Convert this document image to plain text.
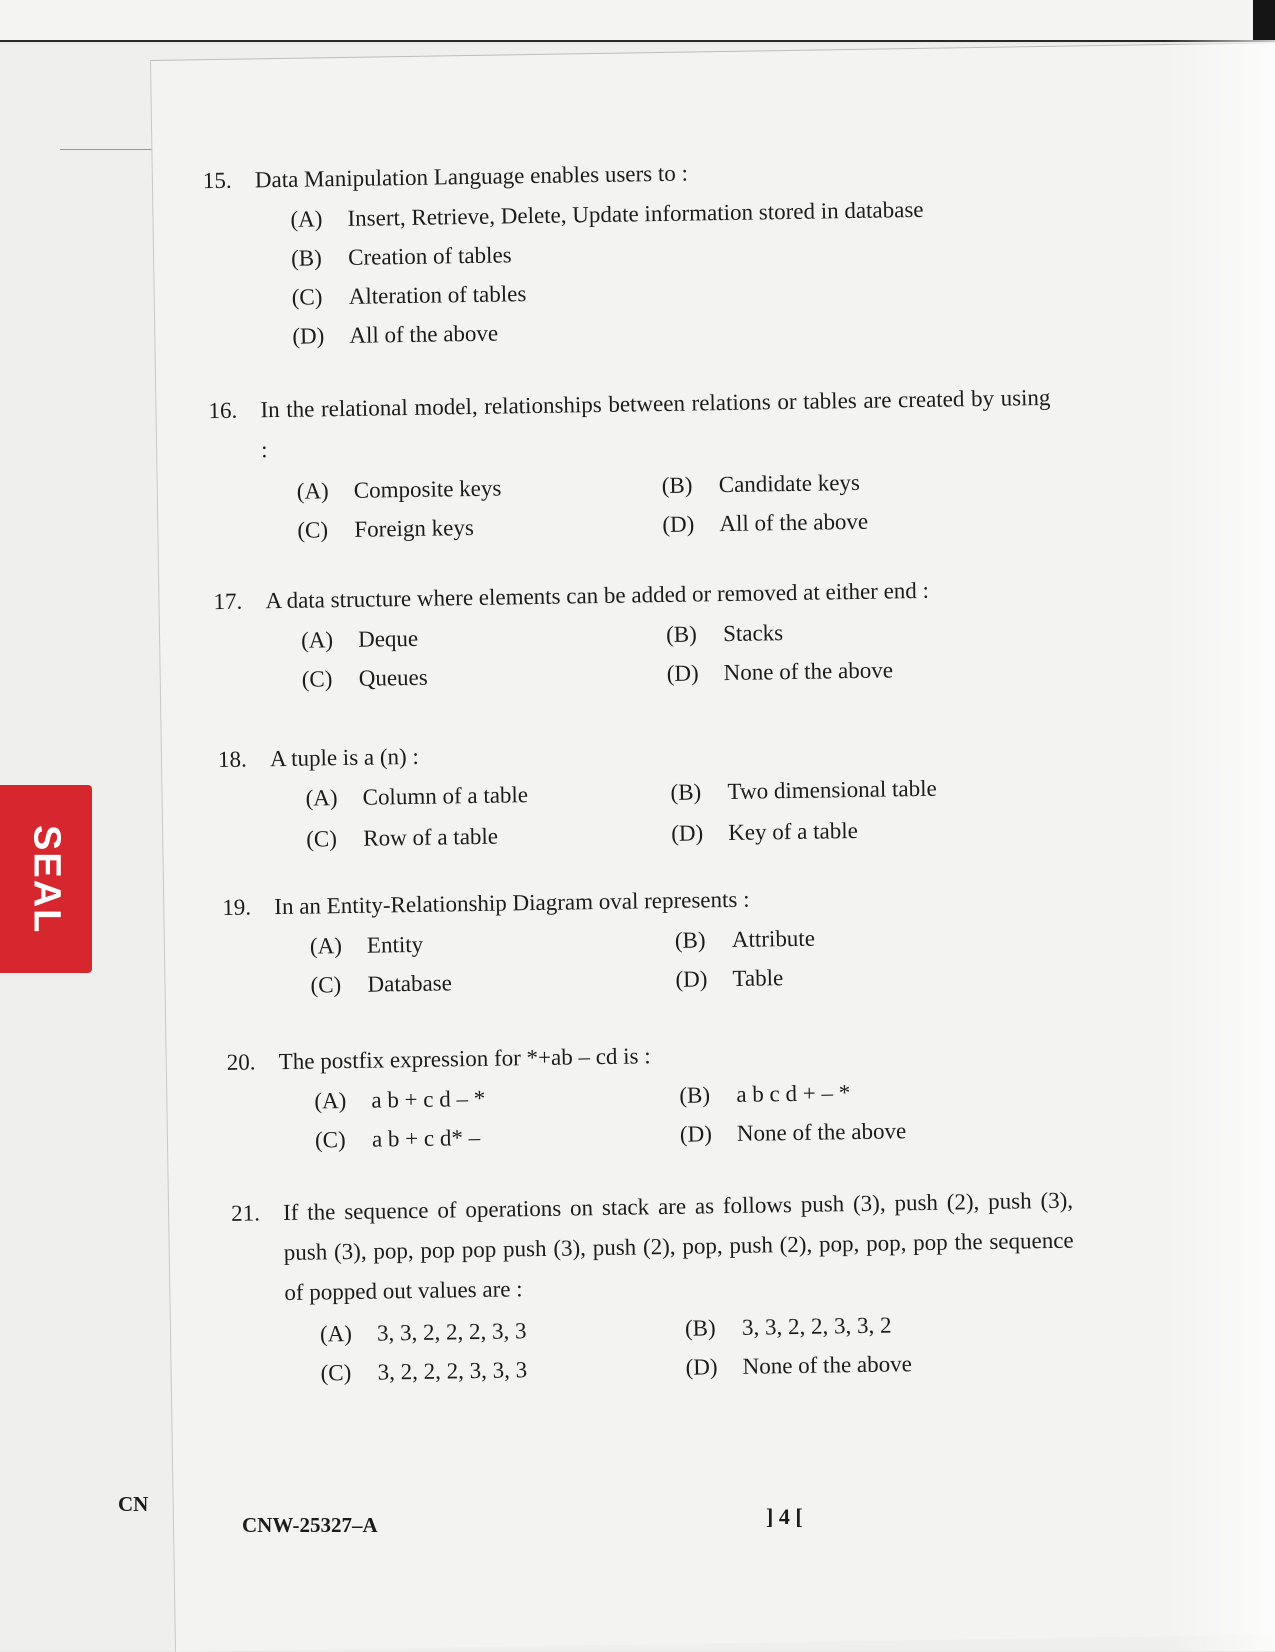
15. Data Manipulation Language enables users to :
(A) Insert, Retrieve, Delete, Update information stored in database
(B) Creation of tables
(C) Alteration of tables
(D) All of the above
16. In the relational model, relationships between relations or tables are created by using :
(A) Composite keys	(B) Candidate keys
(C) Foreign keys	(D) All of the above
17. A data structure where elements can be added or removed at either end :
(A) Deque	(B) Stacks
(C) Queues	(D) None of the above
18. A tuple is a (n) :
(A) Column of a table	(B) Two dimensional table
(C) Row of a table	(D) Key of a table
19. In an Entity-Relationship Diagram oval represents :
(A) Entity	(B) Attribute
(C) Database	(D) Table
20. The postfix expression for *+ab – cd is :
(A) a b + c d – *	(B) a b c d + – *
(C) a b + c d* –	(D) None of the above
21. If the sequence of operations on stack are as follows push (3), push (2), push (3), push (3), pop, pop pop push (3), push (2), pop, push (2), pop, pop, pop the sequence of popped out values are :
(A) 3, 3, 2, 2, 2, 3, 3	(B) 3, 3, 2, 2, 3, 3, 2
(C) 3, 2, 2, 2, 3, 3, 3	(D) None of the above
SEAL
CN
CNW-25327–A	] 4 [
